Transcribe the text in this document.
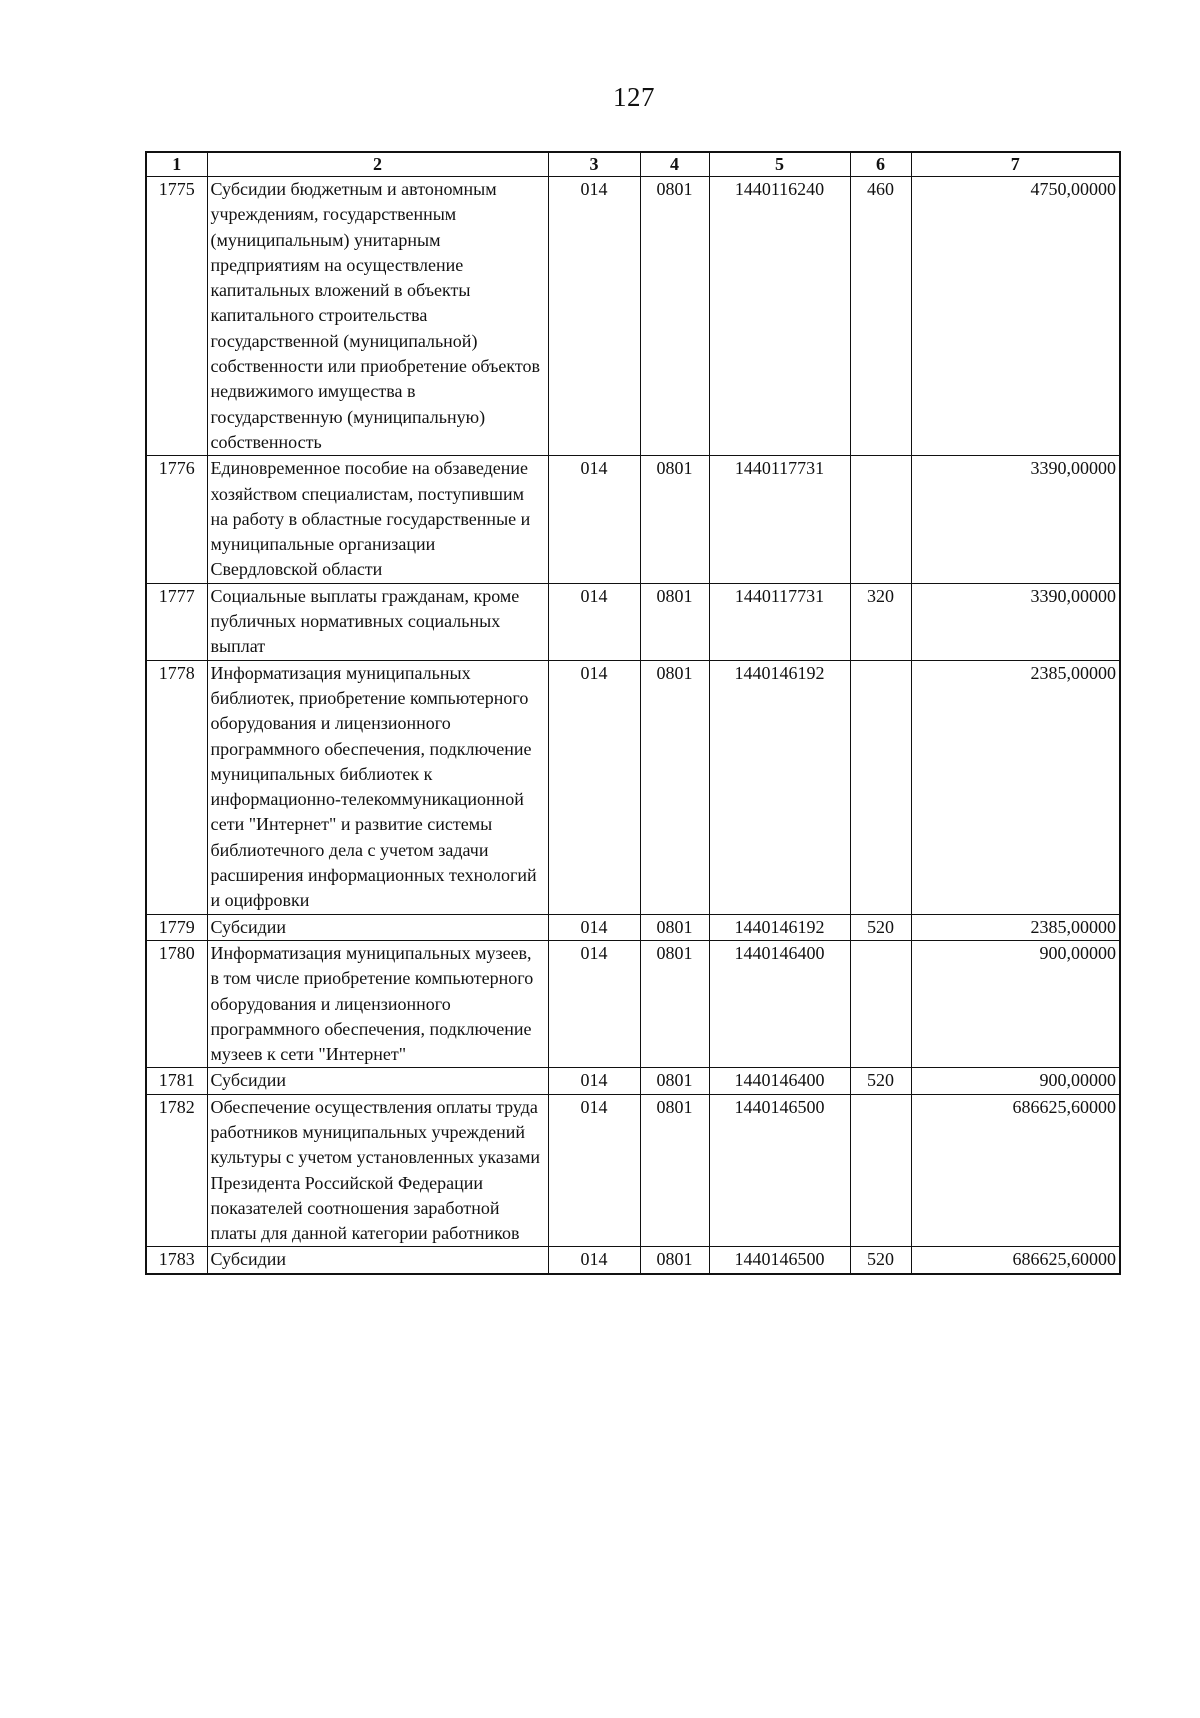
127
1	2	3	4	5	6	7
1775	Субсидии бюджетным и автономным учреждениям, государственным (муниципальным) унитарным предприятиям на осуществление капитальных вложений в объекты капитального строительства государственной (муниципальной) собственности или приобретение объектов недвижимого имущества в государственную (муниципальную) собственность	014	0801	1440116240	460	4750,00000
1776	Единовременное пособие на обзаведение хозяйством специалистам, поступившим на работу в областные государственные и муниципальные организации Свердловской области	014	0801	1440117731		3390,00000
1777	Социальные выплаты гражданам, кроме публичных нормативных социальных выплат	014	0801	1440117731	320	3390,00000
1778	Информатизация муниципальных библиотек, приобретение компьютерного оборудования и лицензионного программного обеспечения, подключение муниципальных библиотек к информационно-телекоммуникационной сети "Интернет" и развитие системы библиотечного дела с учетом задачи расширения информационных технологий и оцифровки	014	0801	1440146192		2385,00000
1779	Субсидии	014	0801	1440146192	520	2385,00000
1780	Информатизация муниципальных музеев, в том числе приобретение компьютерного оборудования и лицензионного программного обеспечения, подключение музеев к сети "Интернет"	014	0801	1440146400		900,00000
1781	Субсидии	014	0801	1440146400	520	900,00000
1782	Обеспечение осуществления оплаты труда работников муниципальных учреждений культуры с учетом установленных указами Президента Российской Федерации показателей соотношения заработной платы для данной категории работников	014	0801	1440146500		686625,60000
1783	Субсидии	014	0801	1440146500	520	686625,60000
